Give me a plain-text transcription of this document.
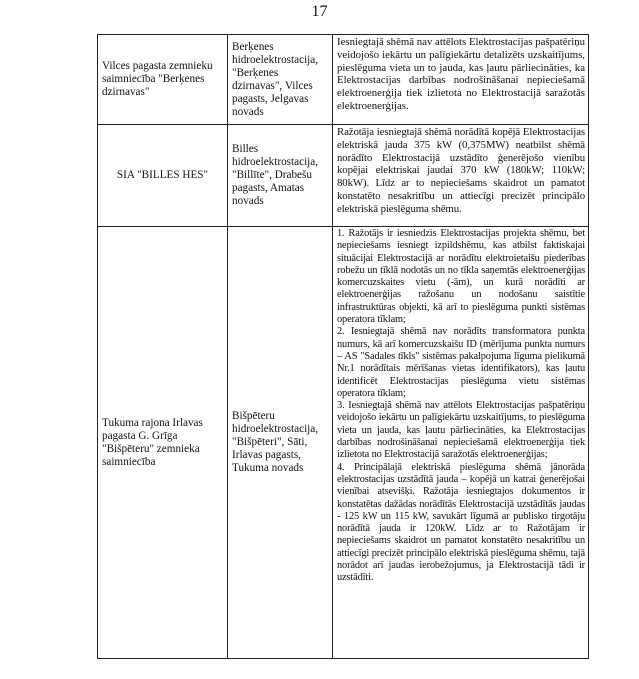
17
Vilces pagasta zemnieku saimniecība "Berķenes dzirnavas"	Berķenes hidroelektrostacija, "Berķenes dzirnavas", Vilces pagasts, Jelgavas novads	Iesniegtajā shēmā nav attēlots Elektrostacijas pašpatēriņu veidojošo iekārtu un palīgiekārtu detalizēts uzskaitījums, pieslēguma vieta un to jauda, kas ļautu pārliecināties, ka Elektrostacijas darbības nodrošināšanai nepieciešamā elektroenerģija tiek izlietota no Elektrostacijā saražotās elektroenerģijas.

SIA "BILLES HES"	Billes hidroelektrostacija, "Billīte", Drabešu pagasts, Amatas novads	Ražotāja iesniegtajā shēmā norādītā kopējā Elektrostacijas elektriskā jauda 375 kW (0,375MW) neatbilst shēmā norādīto Elektrostacijā uzstādīto ģenerējošo vienību kopējai elektriskai jaudai 370 kW (180kW; 110kW; 80kW). Līdz ar to nepieciešams skaidrot un pamatot konstatēto nesakritību un attiecīgi precizēt principālo elektriskā pieslēguma shēmu.

Tukuma rajona Irlavas pagasta G. Grīga "Bišpēteru" zemnieka saimniecība	Bišpēteru hidroelektrostacija, "Bišpēteri", Sāti, Irlavas pagasts, Tukuma novads	1. Ražotājs ir iesniedzis Elektrostacijas projekta shēmu, bet nepieciešams iesniegt izpildshēmu, kas atbilst faktiskajai situācijai Elektrostacijā ar norādītu elektroietaišu piederības robežu un tīklā nodotās un no tīkla saņemtās elektroenerģijas komercuzskaites vietu (-ām), un kurā norādīti ar elektroenerģijas ražošanu un nodošanu saistītie infrastruktūras objekti, kā arī to pieslēguma punkti sistēmas operatora tīklam;

2. Iesniegtajā shēmā nav norādīts transformatora punkta numurs, kā arī komercuzskaišu ID (mērījuma punkta numurs – AS "Sadales tīkls" sistēmas pakalpojuma līguma pielikumā Nr.1 norādītais mērīšanas vietas identifikators), kas ļautu identificēt Elektrostacijas pieslēguma vietu sistēmas operatora tīklam;

3. Iesniegtajā shēmā nav attēlots Elektrostacijas pašpatēriņu veidojošo iekārtu un palīgiekārtu uzskaitījums, to pieslēguma vieta un jauda, kas ļautu pārliecināties, ka Elektrostacijas darbības nodrošināšanai nepieciešamā elektroenerģija tiek izlietota no Elektrostacijā saražotās elektroenerģijas;

4. Principālajā elektriskā pieslēguma shēmā jānorāda elektrostacijas uzstādītā jauda – kopējā un katrai ģenerējošai vienībai atsevišķi. Ražotāja iesniegtajos dokumentos ir konstatētas dažādas norādītās Elektrostacijā uzstādītās jaudas - 125 kW un 115 kW, savukārt līgumā ar publisko tirgotāju norādītā jauda ir 120kW. Līdz ar to Ražotājam ir nepieciešams skaidrot un pamatot konstatēto nesakritību un attiecīgi precizēt principālo elektriskā pieslēguma shēmu, tajā norādot arī jaudas ierobežojumus, ja Elektrostacijā tādi ir uzstādīti.
